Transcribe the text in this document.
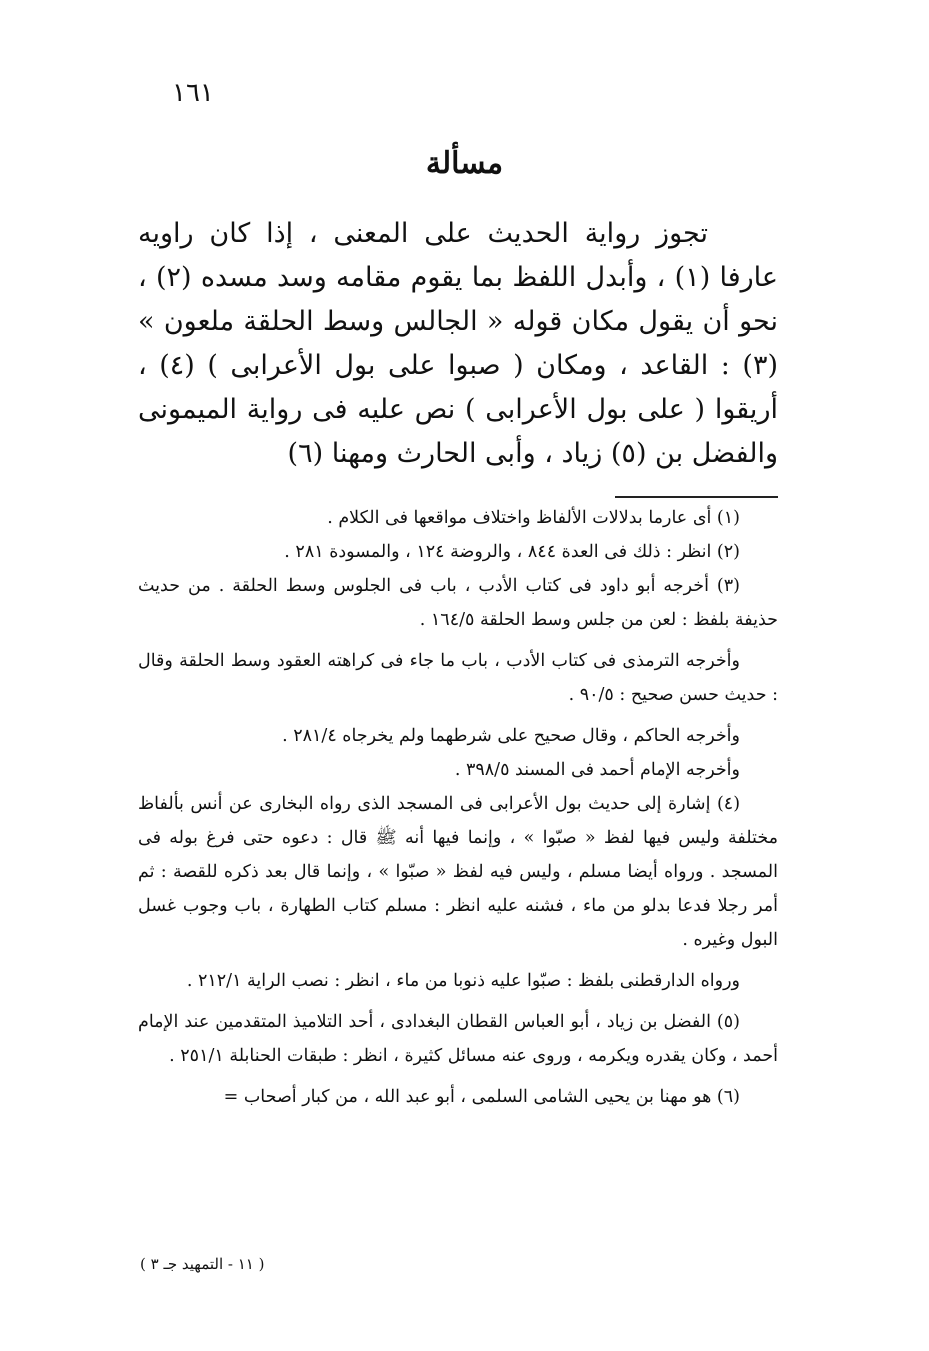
١٦١
مسألة

تجوز رواية الحديث على المعنى ، إذا كان راويه عارفا (١) ، وأبدل اللفظ بما يقوم مقامه وسد مسده (٢) ، نحو أن يقول مكان قوله « الجالس وسط الحلقة ملعون » (٣) : القاعد ، ومكان ( صبوا على بول الأعرابى ) (٤) ، أريقوا ( على بول الأعرابى ) نص عليه فى رواية الميمونى والفضل بن (٥) زياد ، وأبى الحارث ومهنا (٦)

(١) أى عارما بدلالات الألفاظ واختلاف مواقعها فى الكلام .

(٢) انظر : ذلك فى العدة ٨٤٤ ، والروضة ١٢٤ ، والمسودة ٢٨١ .

(٣) أخرجه أبو داود فى كتاب الأدب ، باب فى الجلوس وسط الحلقة . من حديث حذيفة بلفظ : لعن من جلس وسط الحلقة ١٦٤/٥ .

وأخرجه الترمذى فى كتاب الأدب ، باب ما جاء فى كراهته العقود وسط الحلقة وقال : حديث حسن صحيح : ٩٠/٥ .

وأخرجه الحاكم ، وقال صحيح على شرطهما ولم يخرجاه ٢٨١/٤ .

وأخرجه الإمام أحمد فى المسند ٣٩٨/٥ .

(٤) إشارة إلى حديث بول الأعرابى فى المسجد الذى رواه البخارى عن أنس بألفاظ مختلفة وليس فيها لفظ « صبّوا » ، وإنما فيها أنه ﷺ قال : دعوه حتى فرغ بوله فى المسجد . ورواه أيضا مسلم ، وليس فيه لفظ « صبّوا » ، وإنما قال بعد ذكره للقصة : ثم أمر رجلا فدعا بدلو من ماء ، فشنه عليه انظر : مسلم كتاب الطهارة ، باب وجوب غسل البول وغيره .

ورواه الدارقطنى بلفظ : صبّوا عليه ذنوبا من ماء ، انظر : نصب الراية ٢١٢/١ .

(٥) الفضل بن زياد ، أبو العباس القطان البغدادى ، أحد التلاميذ المتقدمين عند الإمام أحمد ، وكان يقدره ويكرمه ، وروى عنه مسائل كثيرة ، انظر : طبقات الحنابلة ٢٥١/١ .

(٦) هو مهنا بن يحيى الشامى السلمى ، أبو عبد الله ، من كبار أصحاب =

( ١١ - التمهيد جـ ٣ )
